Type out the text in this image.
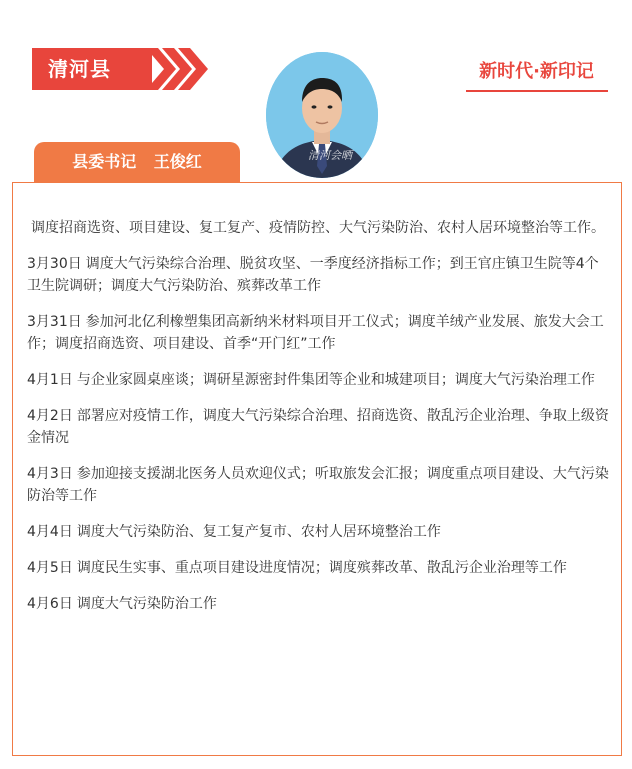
清河县	新时代·新印记
清河会晒
县委书记 王俊红

调度招商选资、项目建设、复工复产、疫情防控、大气污染防治、农村人居环境整治等工作。

3月30日 调度大气污染综合治理、脱贫攻坚、一季度经济指标工作；到王官庄镇卫生院等4个卫生院调研；调度大气污染防治、殡葬改革工作

3月31日 参加河北亿利橡塑集团高新纳米材料项目开工仪式；调度羊绒产业发展、旅发大会工作；调度招商选资、项目建设、首季“开门红”工作

4月1日 与企业家圆桌座谈；调研星源密封件集团等企业和城建项目；调度大气污染治理工作

4月2日 部署应对疫情工作，调度大气污染综合治理、招商选资、散乱污企业治理、争取上级资金情况

4月3日 参加迎接支援湖北医务人员欢迎仪式；听取旅发会汇报；调度重点项目建设、大气污染防治等工作

4月4日 调度大气污染防治、复工复产复市、农村人居环境整治工作

4月5日 调度民生实事、重点项目建设进度情况；调度殡葬改革、散乱污企业治理等工作

4月6日 调度大气污染防治工作
